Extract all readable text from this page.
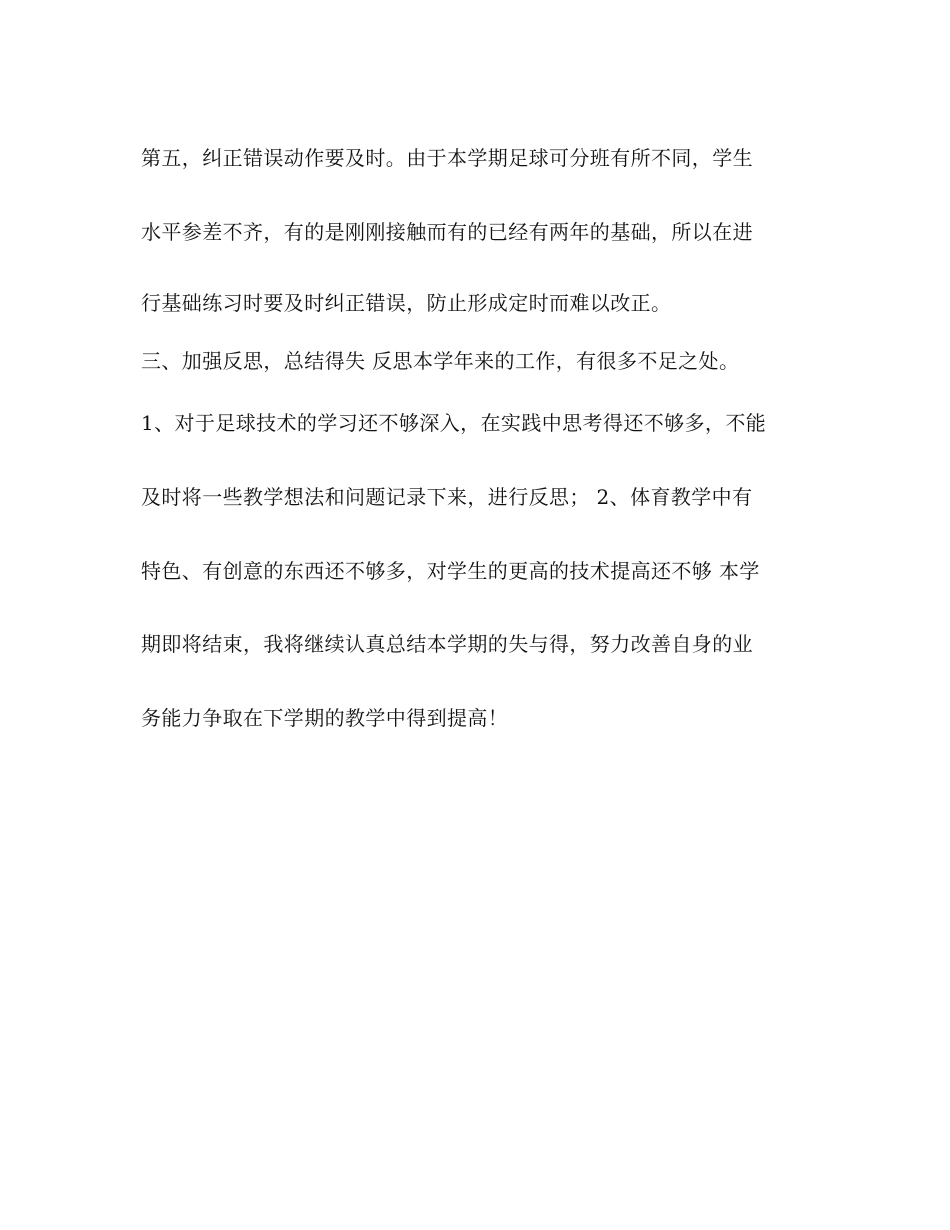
第五，纠正错误动作要及时。由于本学期足球可分班有所不同，学生

水平参差不齐，有的是刚刚接触而有的已经有两年的基础，所以在进

行基础练习时要及时纠正错误，防止形成定时而难以改正。

三、加强反思，总结得失 反思本学年来的工作，有很多不足之处。

1、对于足球技术的学习还不够深入，在实践中思考得还不够多，不能

及时将一些教学想法和问题记录下来，进行反思； 2、体育教学中有

特色、有创意的东西还不够多，对学生的更高的技术提高还不够 本学

期即将结束，我将继续认真总结本学期的失与得，努力改善自身的业

务能力争取在下学期的教学中得到提高！
